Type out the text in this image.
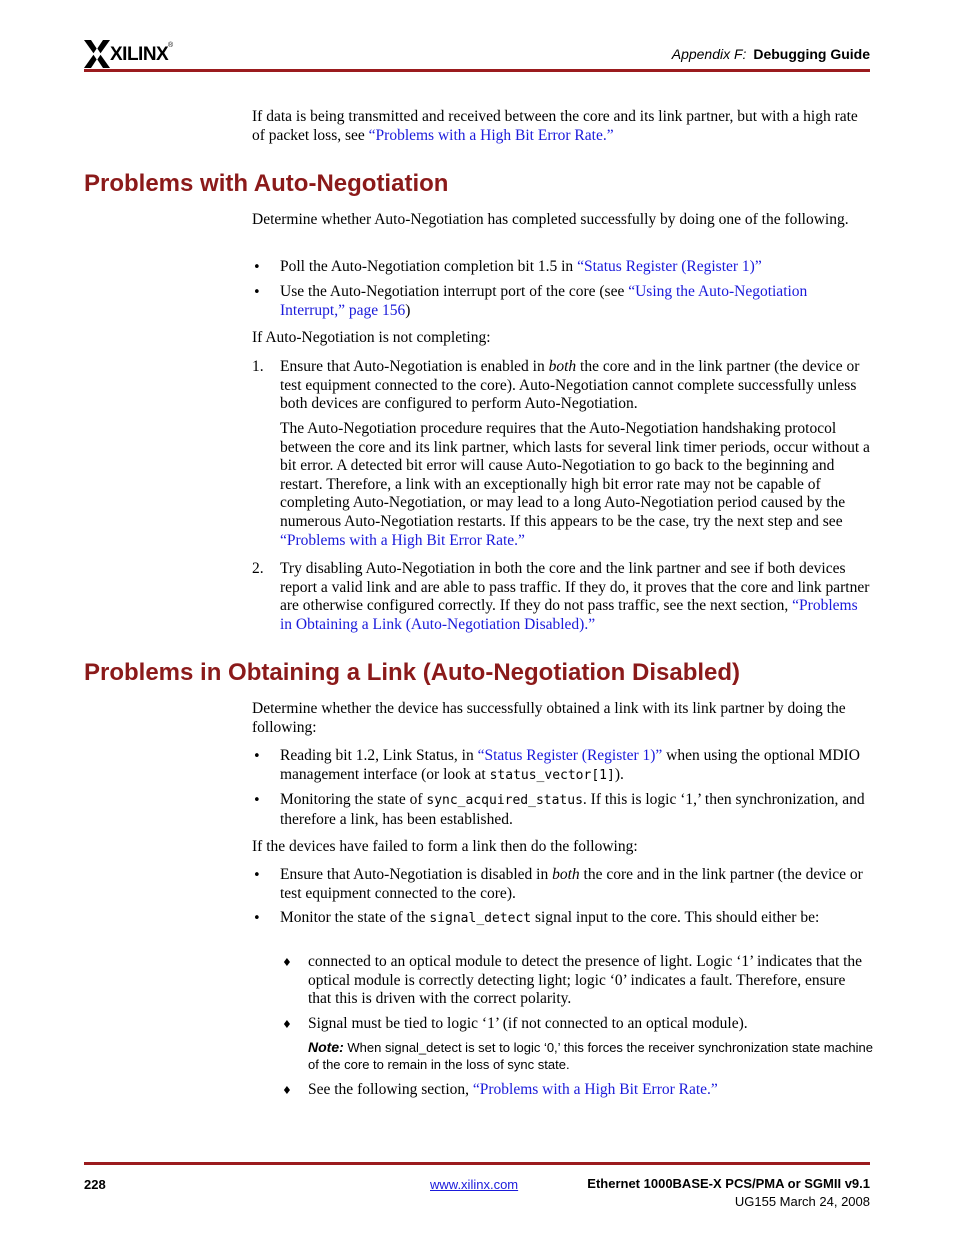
XILINX ®
Appendix F: Debugging Guide
If data is being transmitted and received between the core and its link partner, but with a high rate of packet loss, see “Problems with a High Bit Error Rate.”
Problems with Auto-Negotiation
Determine whether Auto-Negotiation has completed successfully by doing one of the following.
• Poll the Auto-Negotiation completion bit 1.5 in “Status Register (Register 1)”
• Use the Auto-Negotiation interrupt port of the core (see “Using the Auto-Negotiation Interrupt,” page 156)
If Auto-Negotiation is not completing:
1. Ensure that Auto-Negotiation is enabled in both the core and in the link partner (the device or test equipment connected to the core). Auto-Negotiation cannot complete successfully unless both devices are configured to perform Auto-Negotiation.
The Auto-Negotiation procedure requires that the Auto-Negotiation handshaking protocol between the core and its link partner, which lasts for several link timer periods, occur without a bit error. A detected bit error will cause Auto-Negotiation to go back to the beginning and restart. Therefore, a link with an exceptionally high bit error rate may not be capable of completing Auto-Negotiation, or may lead to a long Auto-Negotiation period caused by the numerous Auto-Negotiation restarts. If this appears to be the case, try the next step and see “Problems with a High Bit Error Rate.”
2. Try disabling Auto-Negotiation in both the core and the link partner and see if both devices report a valid link and are able to pass traffic. If they do, it proves that the core and link partner are otherwise configured correctly. If they do not pass traffic, see the next section, “Problems in Obtaining a Link (Auto-Negotiation Disabled).”
Problems in Obtaining a Link (Auto-Negotiation Disabled)
Determine whether the device has successfully obtained a link with its link partner by doing the following:
• Reading bit 1.2, Link Status, in “Status Register (Register 1)” when using the optional MDIO management interface (or look at status_vector[1]).
• Monitoring the state of sync_acquired_status. If this is logic ‘1,’ then synchronization, and therefore a link, has been established.
If the devices have failed to form a link then do the following:
• Ensure that Auto-Negotiation is disabled in both the core and in the link partner (the device or test equipment connected to the core).
• Monitor the state of the signal_detect signal input to the core. This should either be:
♦ connected to an optical module to detect the presence of light. Logic ‘1’ indicates that the optical module is correctly detecting light; logic ‘0’ indicates a fault. Therefore, ensure that this is driven with the correct polarity.
♦ Signal must be tied to logic ‘1’ (if not connected to an optical module).
Note: When signal_detect is set to logic ‘0,’ this forces the receiver synchronization state machine of the core to remain in the loss of sync state.
♦ See the following section, “Problems with a High Bit Error Rate.”
228	www.xilinx.com	Ethernet 1000BASE-X PCS/PMA or SGMII v9.1
UG155 March 24, 2008
